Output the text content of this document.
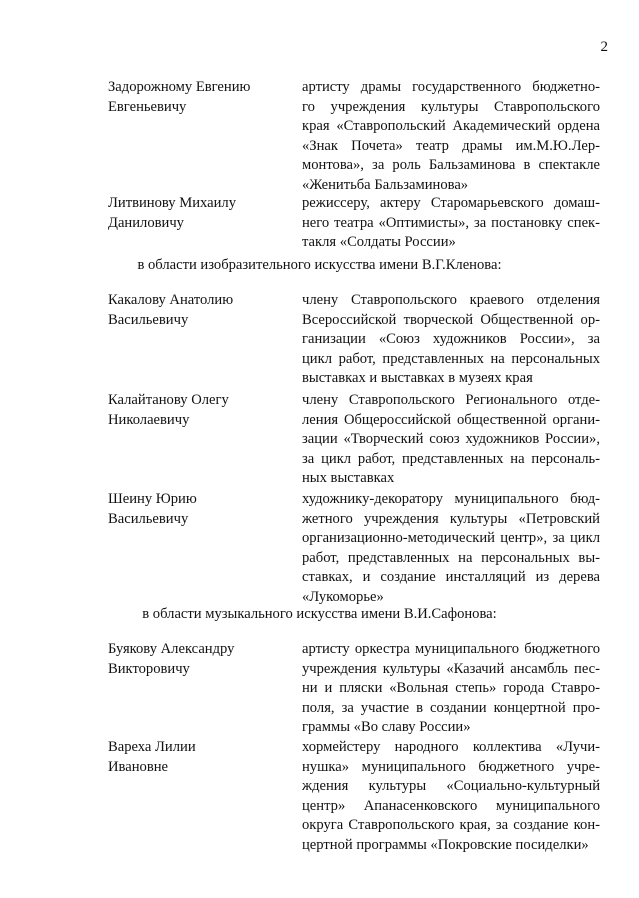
2
Задорожному Евгению
Евгеньевичу
артисту драмы государственного бюджетно-
го учреждения культуры Ставропольского
края «Ставропольский Академический ордена
«Знак Почета» театр драмы им.М.Ю.Лер-
монтова», за роль Бальзаминова в спектакле
«Женитьба Бальзаминова»
Литвинову Михаилу
Даниловичу
режиссеру, актеру Старомарьевского домаш-
него театра «Оптимисты», за постановку спек-
такля «Солдаты России»
в области изобразительного искусства имени В.Г.Кленова:
Какалову Анатолию
Васильевичу
члену Ставропольского краевого отделения
Всероссийской творческой Общественной ор-
ганизации «Союз художников России», за
цикл работ, представленных на персональных
выставках и выставках в музеях края
Калайтанову Олегу
Николаевичу
члену Ставропольского Регионального отде-
ления Общероссийской общественной органи-
зации «Творческий союз художников России»,
за цикл работ, представленных на персональ-
ных выставках
Шеину Юрию
Васильевичу
художнику-декоратору муниципального бюд-
жетного учреждения культуры «Петровский
организационно-методический центр», за цикл
работ, представленных на персональных вы-
ставках, и создание инсталляций из дерева
«Лукоморье»
в области музыкального искусства имени В.И.Сафонова:
Буякову Александру
Викторовичу
артисту оркестра муниципального бюджетного
учреждения культуры «Казачий ансамбль пес-
ни и пляски «Вольная степь» города Ставро-
поля, за участие в создании концертной про-
граммы «Во славу России»
Вареха Лилии
Ивановне
хормейстеру народного коллектива «Лучи-
нушка» муниципального бюджетного учре-
ждения культуры «Социально-культурный
центр» Апанасенковского муниципального
округа Ставропольского края, за создание кон-
цертной программы «Покровские посиделки»
